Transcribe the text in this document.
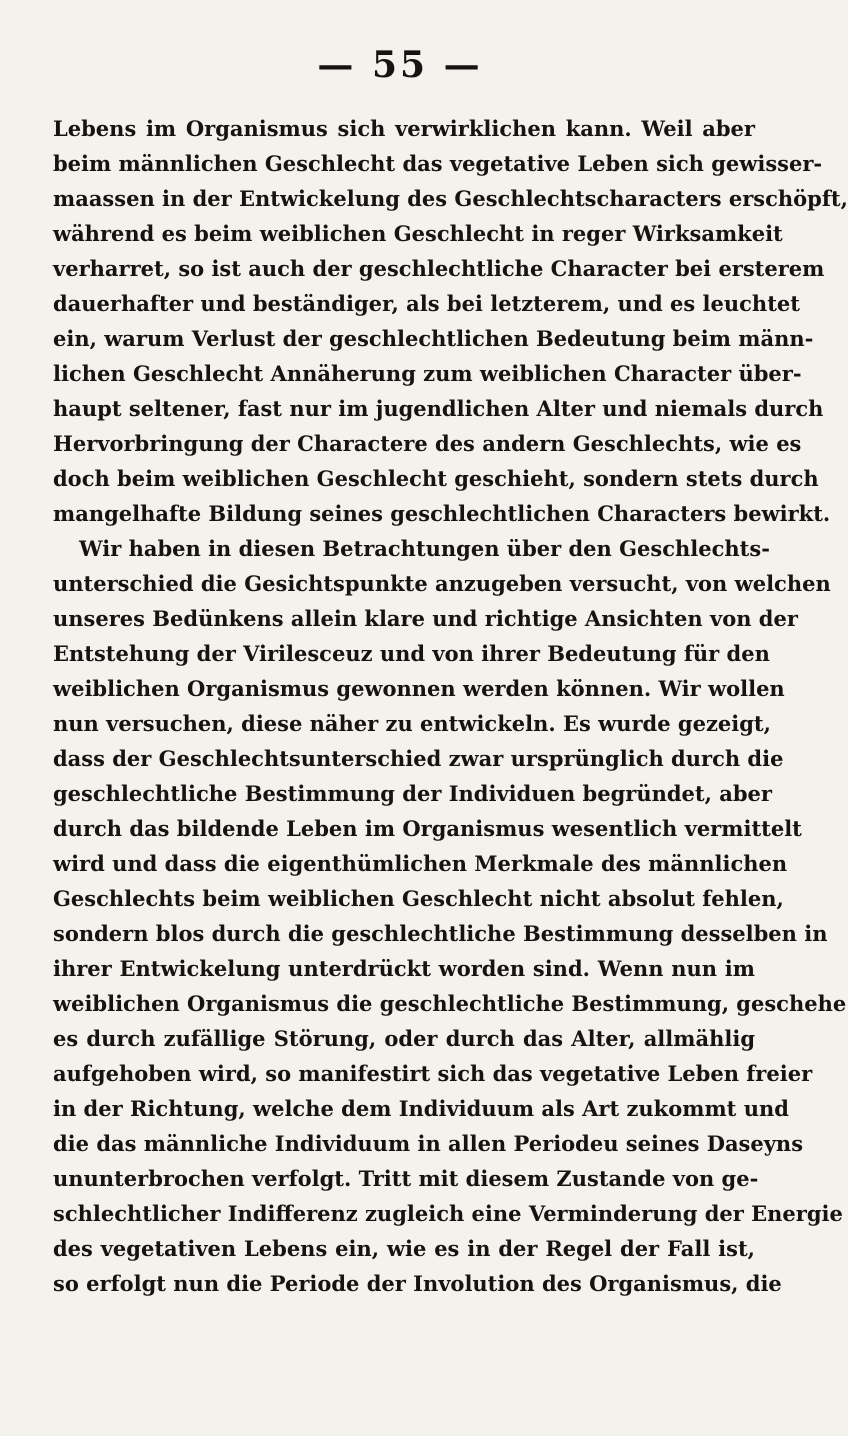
— 55 —
Lebens im Organismus sich verwirklichen kann. Weil aber
beim männlichen Geschlecht das vegetative Leben sich gewisser-
maassen in der Entwickelung des Geschlechtscharacters erschöpft,
während es beim weiblichen Geschlecht in reger Wirksamkeit
verharret, so ist auch der geschlechtliche Character bei ersterem
dauerhafter und beständiger, als bei letzterem, und es leuchtet
ein, warum Verlust der geschlechtlichen Bedeutung beim männ-
lichen Geschlecht Annäherung zum weiblichen Character über-
haupt seltener, fast nur im jugendlichen Alter und niemals durch
Hervorbringung der Charactere des andern Geschlechts, wie es
doch beim weiblichen Geschlecht geschieht, sondern stets durch
mangelhafte Bildung seines geschlechtlichen Characters bewirkt.
Wir haben in diesen Betrachtungen über den Geschlechts-
unterschied die Gesichtspunkte anzugeben versucht, von welchen
unseres Bedünkens allein klare und richtige Ansichten von der
Entstehung der Virilesceuz und von ihrer Bedeutung für den
weiblichen Organismus gewonnen werden können. Wir wollen
nun versuchen, diese näher zu entwickeln. Es wurde gezeigt,
dass der Geschlechtsunterschied zwar ursprünglich durch die
geschlechtliche Bestimmung der Individuen begründet, aber
durch das bildende Leben im Organismus wesentlich vermittelt
wird und dass die eigenthümlichen Merkmale des männlichen
Geschlechts beim weiblichen Geschlecht nicht absolut fehlen,
sondern blos durch die geschlechtliche Bestimmung desselben in
ihrer Entwickelung unterdrückt worden sind. Wenn nun im
weiblichen Organismus die geschlechtliche Bestimmung, geschehe
es durch zufällige Störung, oder durch das Alter, allmählig
aufgehoben wird, so manifestirt sich das vegetative Leben freier
in der Richtung, welche dem Individuum als Art zukommt und
die das männliche Individuum in allen Periodeu seines Daseyns
ununterbrochen verfolgt. Tritt mit diesem Zustande von ge-
schlechtlicher Indifferenz zugleich eine Verminderung der Energie
des vegetativen Lebens ein, wie es in der Regel der Fall ist,
so erfolgt nun die Periode der Involution des Organismus, die
